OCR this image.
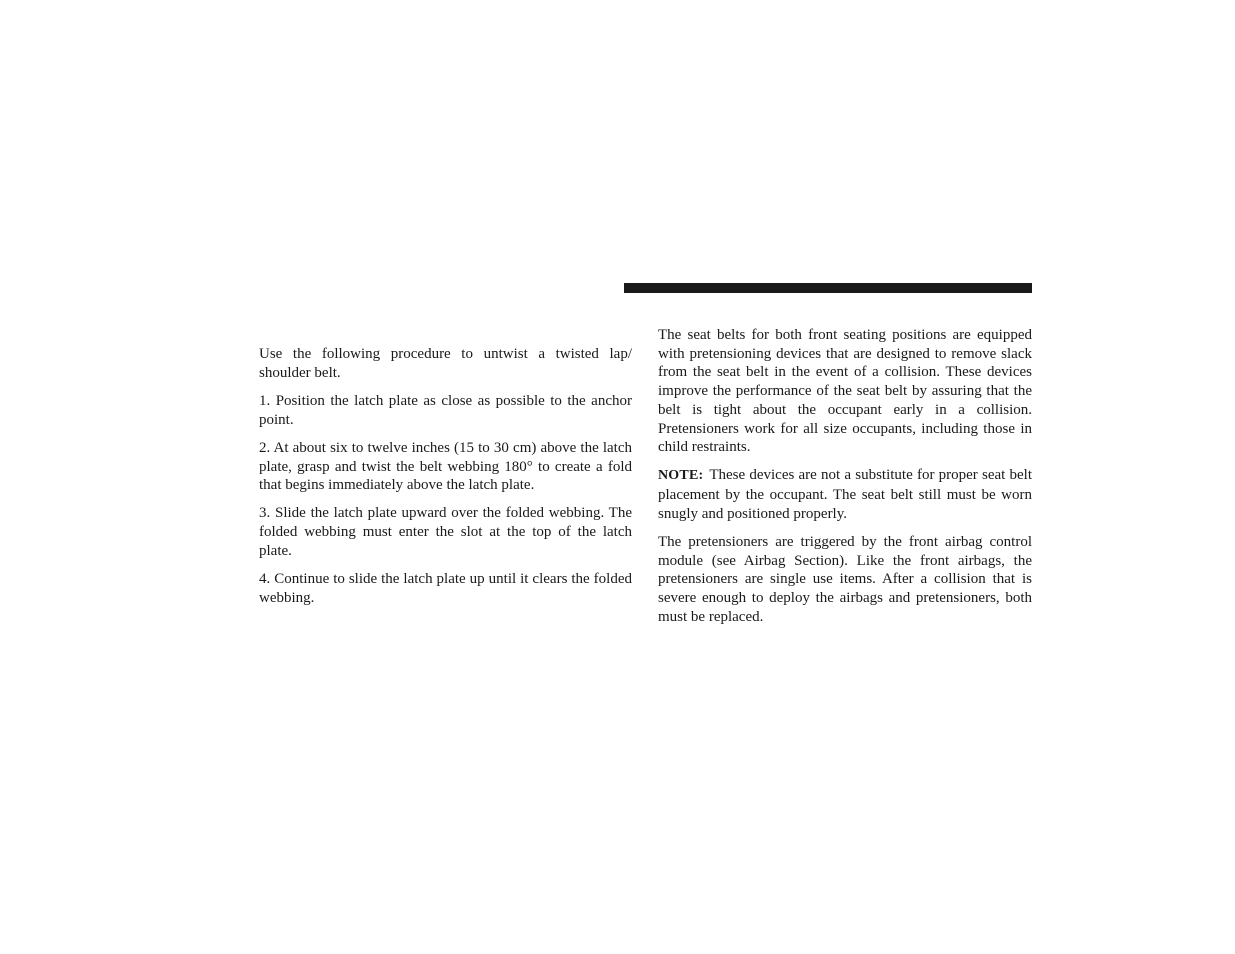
Use the following procedure to untwist a twisted lap/ shoulder belt.

1. Position the latch plate as close as possible to the anchor point.

2. At about six to twelve inches (15 to 30 cm) above the latch plate, grasp and twist the belt webbing 180° to create a fold that begins immediately above the latch plate.

3. Slide the latch plate upward over the folded webbing. The folded webbing must enter the slot at the top of the latch plate.

4. Continue to slide the latch plate up until it clears the folded webbing.

The seat belts for both front seating positions are equipped with pretensioning devices that are designed to remove slack from the seat belt in the event of a collision. These devices improve the performance of the seat belt by assuring that the belt is tight about the occupant early in a collision. Pretensioners work for all size occupants, including those in child restraints.

NOTE: These devices are not a substitute for proper seat belt placement by the occupant. The seat belt still must be worn snugly and positioned properly.

The pretensioners are triggered by the front airbag control module (see Airbag Section). Like the front airbags, the pretensioners are single use items. After a collision that is severe enough to deploy the airbags and pretensioners, both must be replaced.
